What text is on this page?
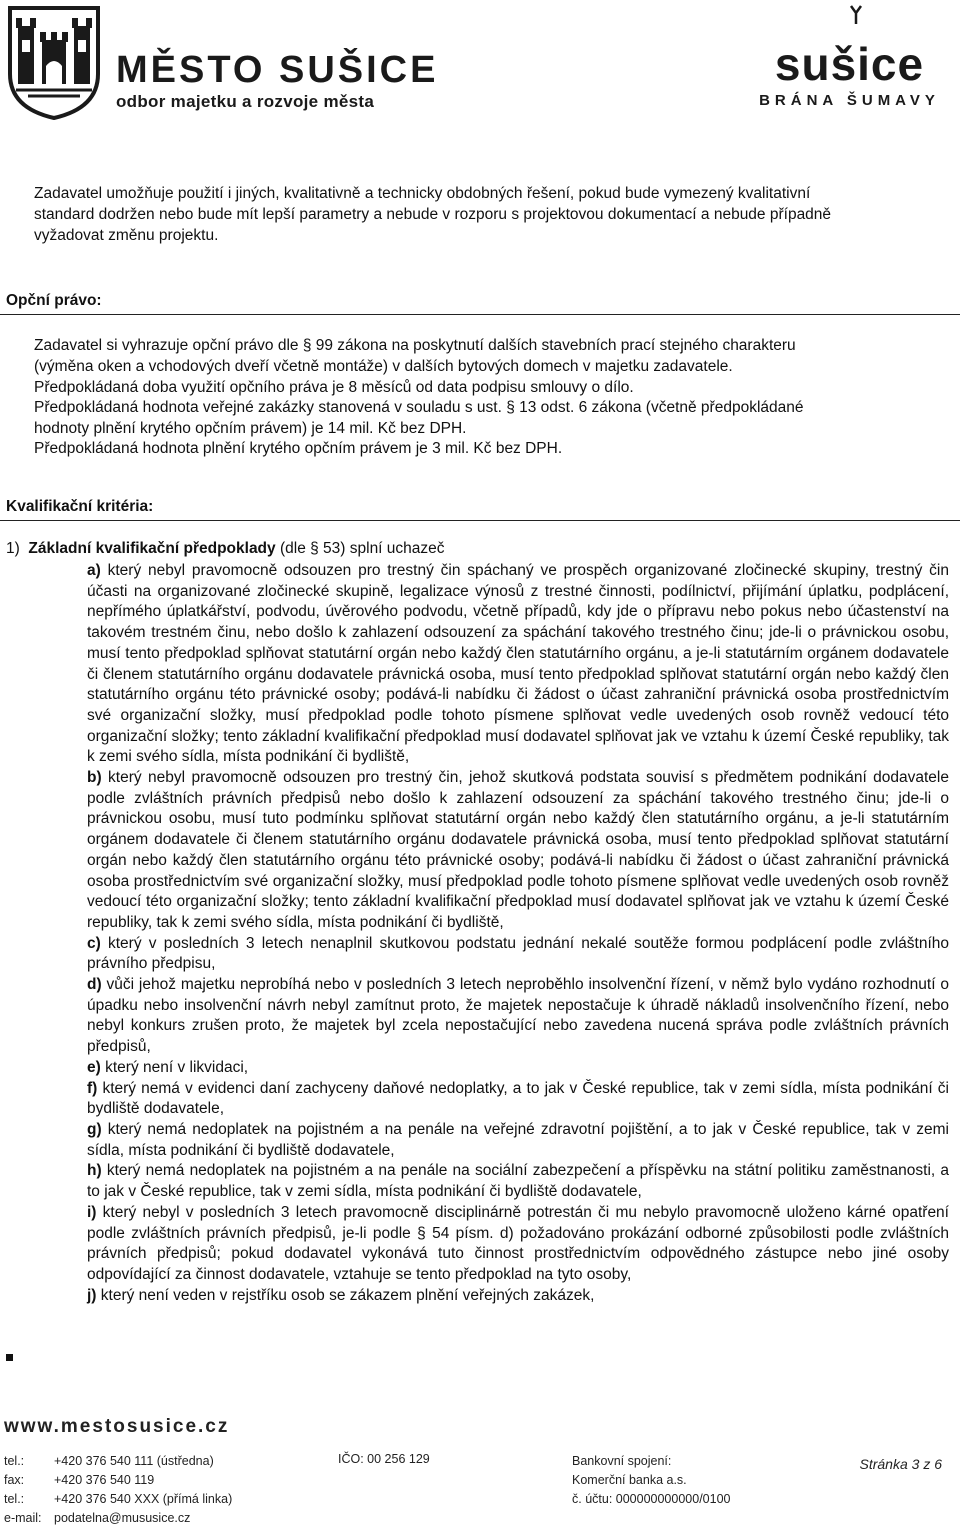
MĚSTO SUŠICE
odbor majetku a rozvoje města
sušice
BRÁNA ŠUMAVY

Zadavatel umožňuje použití i jiných, kvalitativně a technicky obdobných řešení, pokud bude vymezený kvalitativní

standard dodržen nebo bude mít lepší parametry a nebude v rozporu s projektovou dokumentací a nebude případně

vyžadovat změnu projektu.

Opční právo:

Zadavatel si vyhrazuje opční právo dle § 99 zákona na poskytnutí dalších stavebních prací stejného charakteru

(výměna oken a vchodových dveří včetně montáže) v dalších bytových domech v majetku zadavatele.

Předpokládaná doba využití opčního práva je 8 měsíců od data podpisu smlouvy o dílo.

Předpokládaná hodnota veřejné zakázky stanovená v souladu s ust. § 13 odst. 6 zákona (včetně předpokládané

hodnoty plnění krytého opčním právem) je 14 mil. Kč bez DPH.

Předpokládaná hodnota plnění krytého opčním právem je 3 mil. Kč bez DPH.

Kvalifikační kritéria:

1) Základní kvalifikační předpoklady (dle § 53) splní uchazeč

a) který nebyl pravomocně odsouzen pro trestný čin spáchaný ve prospěch organizované zločinecké skupiny, trestný čin účasti na organizované zločinecké skupině, legalizace výnosů z trestné činnosti, podílnictví, přijímání úplatku, podplácení, nepřímého úplatkářství, podvodu, úvěrového podvodu, včetně případů, kdy jde o přípravu nebo pokus nebo účastenství na takovém trestném činu, nebo došlo k zahlazení odsouzení za spáchání takového trestného činu; jde-li o právnickou osobu, musí tento předpoklad splňovat statutární orgán nebo každý člen statutárního orgánu, a je-li statutárním orgánem dodavatele či členem statutárního orgánu dodavatele právnická osoba, musí tento předpoklad splňovat statutární orgán nebo každý člen statutárního orgánu této právnické osoby; podává-li nabídku či žádost o účast zahraniční právnická osoba prostřednictvím své organizační složky, musí předpoklad podle tohoto písmene splňovat vedle uvedených osob rovněž vedoucí této organizační složky; tento základní kvalifikační předpoklad musí dodavatel splňovat jak ve vztahu k území České republiky, tak k zemi svého sídla, místa podnikání či bydliště,

b) který nebyl pravomocně odsouzen pro trestný čin, jehož skutková podstata souvisí s předmětem podnikání dodavatele podle zvláštních právních předpisů nebo došlo k zahlazení odsouzení za spáchání takového trestného činu; jde-li o právnickou osobu, musí tuto podmínku splňovat statutární orgán nebo každý člen statutárního orgánu, a je-li statutárním orgánem dodavatele či členem statutárního orgánu dodavatele právnická osoba, musí tento předpoklad splňovat statutární orgán nebo každý člen statutárního orgánu této právnické osoby; podává-li nabídku či žádost o účast zahraniční právnická osoba prostřednictvím své organizační složky, musí předpoklad podle tohoto písmene splňovat vedle uvedených osob rovněž vedoucí této organizační složky; tento základní kvalifikační předpoklad musí dodavatel splňovat jak ve vztahu k území České republiky, tak k zemi svého sídla, místa podnikání či bydliště,

c) který v posledních 3 letech nenaplnil skutkovou podstatu jednání nekalé soutěže formou podplácení podle zvláštního právního předpisu,

d) vůči jehož majetku neprobíhá nebo v posledních 3 letech neproběhlo insolvenční řízení, v němž bylo vydáno rozhodnutí o úpadku nebo insolvenční návrh nebyl zamítnut proto, že majetek nepostačuje k úhradě nákladů insolvenčního řízení, nebo nebyl konkurs zrušen proto, že majetek byl zcela nepostačující nebo zavedena nucená správa podle zvláštních právních předpisů,

e) který není v likvidaci,

f) který nemá v evidenci daní zachyceny daňové nedoplatky, a to jak v České republice, tak v zemi sídla, místa podnikání či bydliště dodavatele,

g) který nemá nedoplatek na pojistném a na penále na veřejné zdravotní pojištění, a to jak v České republice, tak v zemi sídla, místa podnikání či bydliště dodavatele,

h) který nemá nedoplatek na pojistném a na penále na sociální zabezpečení a příspěvku na státní politiku zaměstnanosti, a to jak v České republice, tak v zemi sídla, místa podnikání či bydliště dodavatele,

i) který nebyl v posledních 3 letech pravomocně disciplinárně potrestán či mu nebylo pravomocně uloženo kárné opatření podle zvláštních právních předpisů, je-li podle § 54 písm. d) požadováno prokázání odborné způsobilosti podle zvláštních právních předpisů; pokud dodavatel vykonává tuto činnost prostřednictvím odpovědného zástupce nebo jiné osoby odpovídající za činnost dodavatele, vztahuje se tento předpoklad na tyto osoby,

j) který není veden v rejstříku osob se zákazem plnění veřejných zakázek,

www.mestosusice.cz
tel.: +420 376 540 111 (ústředna)
fax: +420 376 540 119
tel.: +420 376 540 XXX (přímá linka)
e-mail: podatelna@mususice.cz
IČO: 00 256 129	Bankovní spojení:
Komerční banka a.s.
č. účtu: 000000000000/0100
Stránka 3 z 6
